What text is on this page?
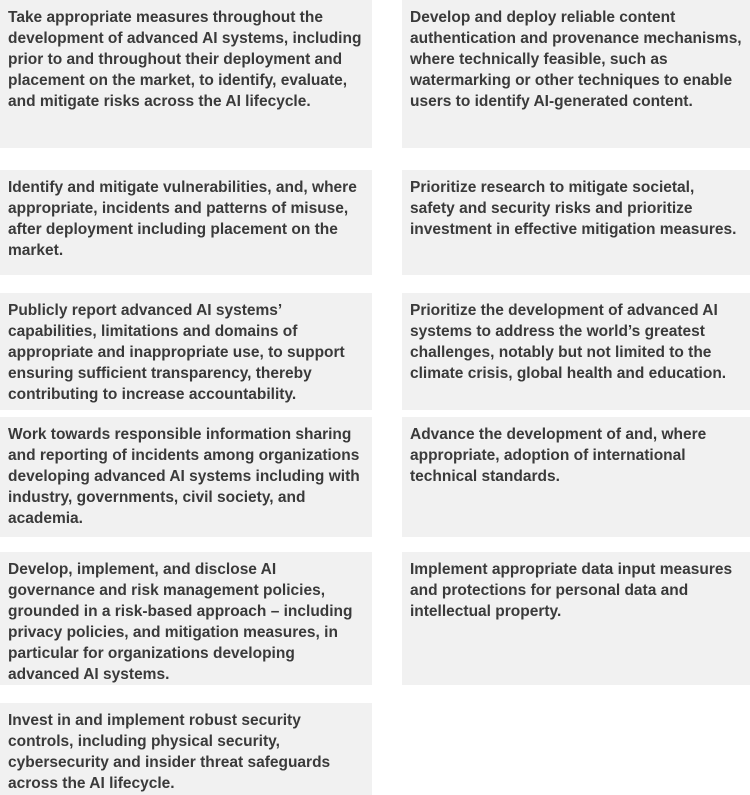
Take appropriate measures throughout the development of advanced AI systems, including prior to and throughout their deployment and placement on the market, to identify, evaluate, and mitigate risks across the AI lifecycle.
Develop and deploy reliable content authentication and provenance mechanisms, where technically feasible, such as watermarking or other techniques to enable users to identify AI-generated content.
Identify and mitigate vulnerabilities, and, where appropriate, incidents and patterns of misuse, after deployment including placement on the market.
Prioritize research to mitigate societal, safety and security risks and prioritize investment in effective mitigation measures.
Publicly report advanced AI systems’ capabilities, limitations and domains of appropriate and inappropriate use, to support ensuring sufficient transparency, thereby contributing to increase accountability.
Prioritize the development of advanced AI systems to address the world’s greatest challenges, notably but not limited to the climate crisis, global health and education.
Work towards responsible information sharing and reporting of incidents among organizations developing advanced AI systems including with industry, governments, civil society, and academia.
Advance the development of and, where appropriate, adoption of international technical standards.
Develop, implement, and disclose AI governance and risk management policies, grounded in a risk-based approach – including privacy policies, and mitigation measures, in particular for organizations developing advanced AI systems.
Implement appropriate data input measures and protections for personal data and intellectual property.
Invest in and implement robust security controls, including physical security, cybersecurity and insider threat safeguards across the AI lifecycle.
